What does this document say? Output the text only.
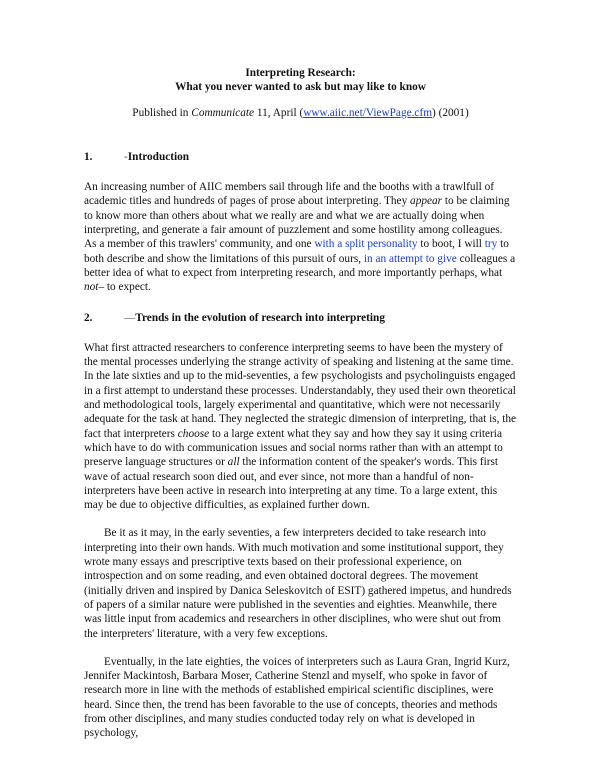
Interpreting Research:

What you never wanted to ask but may like to know

Published in Communicate 11, April (www.aiic.net/ViewPage.cfm) (2001)

1.	-Introduction

An increasing number of AIIC members sail through life and the booths with a trawlfull of academic titles and hundreds of pages of prose about interpreting. They appear to be claiming to know more than others about what we really are and what we are actually doing when interpreting, and generate a fair amount of puzzlement and some hostility among colleagues. As a member of this trawlers' community, and one with a split personality to boot, I will try to both describe and show the limitations of this pursuit of ours, in an attempt to give colleagues a better idea of what to expect from interpreting research, and more importantly perhaps, what not– to expect.

2.	—Trends in the evolution of research into interpreting

What first attracted researchers to conference interpreting seems to have been the mystery of the mental processes underlying the strange activity of speaking and listening at the same time. In the late sixties and up to the mid-seventies, a few psychologists and psycholinguists engaged in a first attempt to understand these processes. Understandably, they used their own theoretical and methodological tools, largely experimental and quantitative, which were not necessarily adequate for the task at hand. They neglected the strategic dimension of interpreting, that is, the fact that interpreters choose to a large extent what they say and how they say it using criteria which have to do with communication issues and social norms rather than with an attempt to preserve language structures or all the information content of the speaker's words. This first wave of actual research soon died out, and ever since, not more than a handful of non-interpreters have been active in research into interpreting at any time. To a large extent, this may be due to objective difficulties, as explained further down.

Be it as it may, in the early seventies, a few interpreters decided to take research into interpreting into their own hands. With much motivation and some institutional support, they wrote many essays and prescriptive texts based on their professional experience, on introspection and on some reading, and even obtained doctoral degrees. The movement (initially driven and inspired by Danica Seleskovitch of ESIT) gathered impetus, and hundreds of papers of a similar nature were published in the seventies and eighties. Meanwhile, there was little input from academics and researchers in other disciplines, who were shut out from the interpreters' literature, with a very few exceptions.

Eventually, in the late eighties, the voices of interpreters such as Laura Gran, Ingrid Kurz, Jennifer Mackintosh, Barbara Moser, Catherine Stenzl and myself, who spoke in favor of research more in line with the methods of established empirical scientific disciplines, were heard. Since then, the trend has been favorable to the use of concepts, theories and methods from other disciplines, and many studies conducted today rely on what is developed in psychology,
